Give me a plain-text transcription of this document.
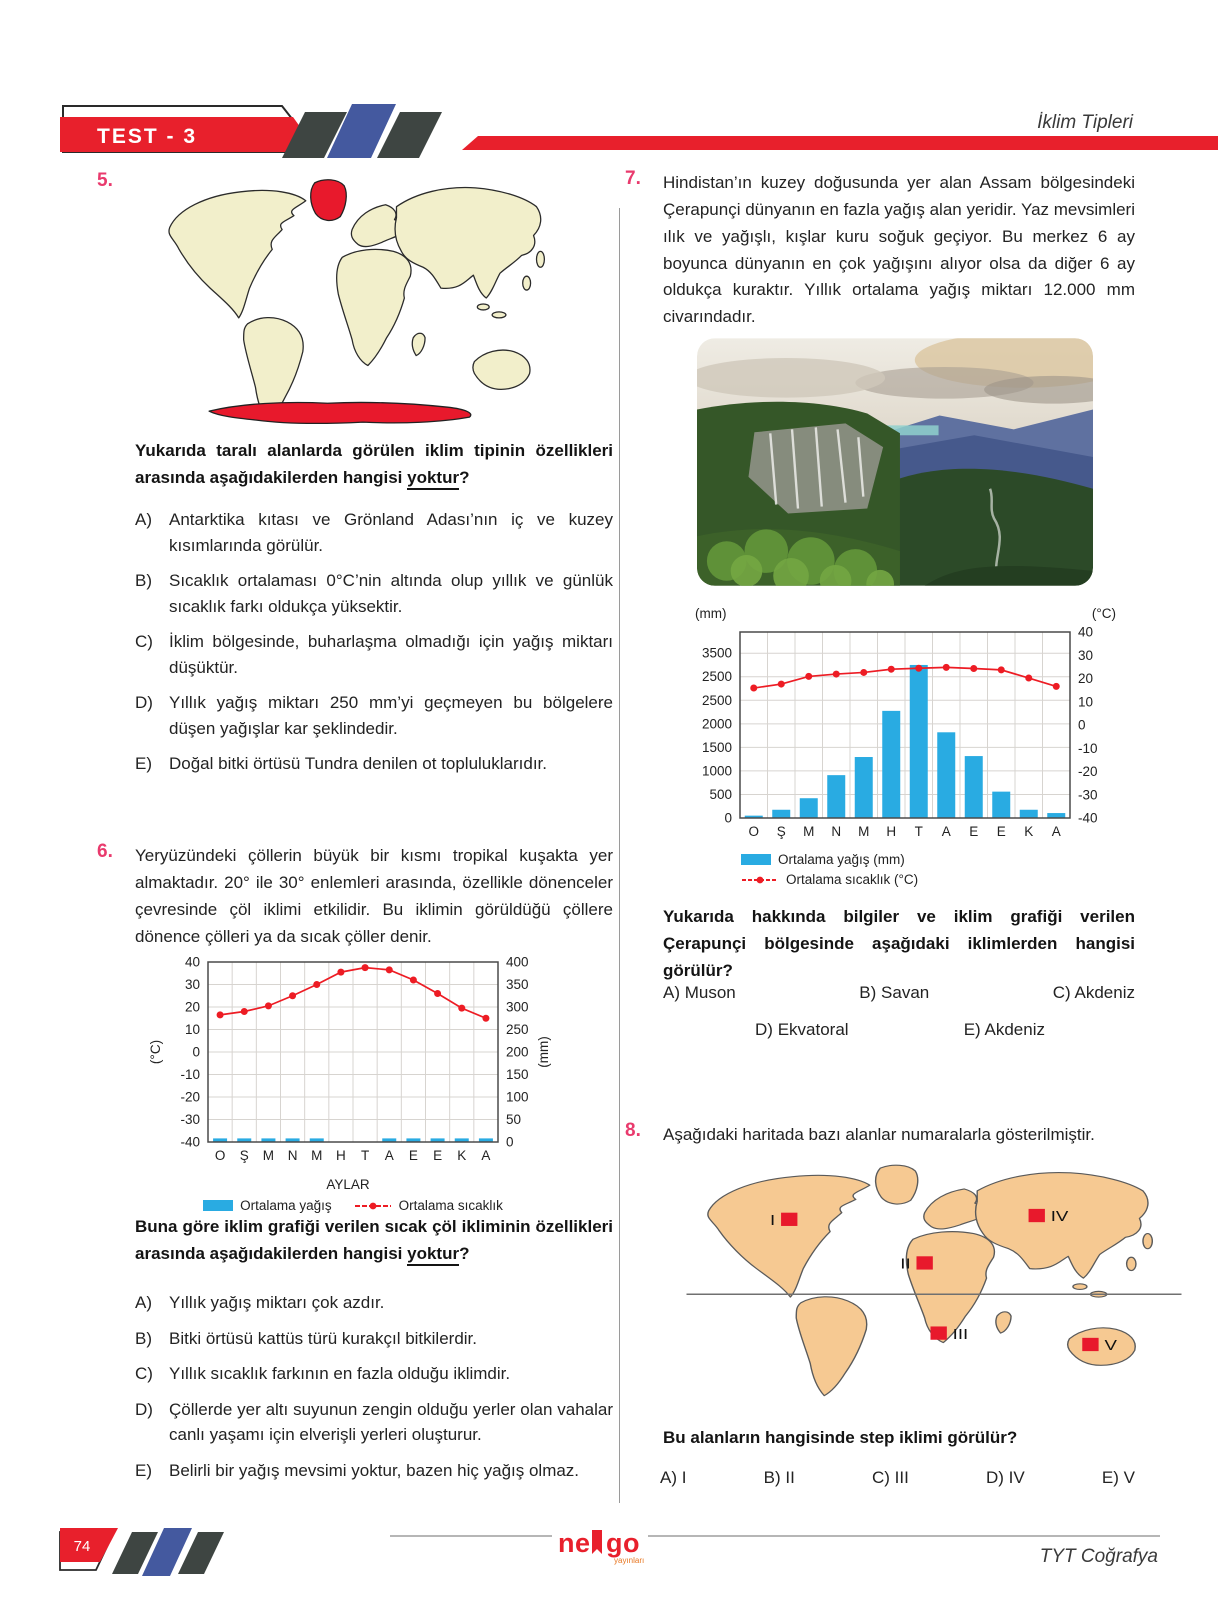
TEST - 3
İklim Tipleri
5.
Yukarıda taralı alanlarda görülen iklim tipinin özellikleri arasında aşağıdakilerden hangisi yoktur?
A)	Antarktika kıtası ve Grönland Adası’nın iç ve kuzey kısımlarında görülür.
B)	Sıcaklık ortalaması 0°C’nin altında olup yıllık ve günlük sıcaklık farkı oldukça yüksektir.
C) İklim bölgesinde, buharlaşma olmadığı için yağış miktarı düşüktür.
D) Yıllık yağış miktarı 250 mm’yi geçmeyen bu bölgelere düşen yağışlar kar şeklindedir.
E)	Doğal bitki örtüsü Tundra denilen ot topluluklarıdır.
6. Yeryüzündeki çöllerin büyük bir kısmı tropikal kuşakta yer almaktadır. 20° ile 30° enlemleri arasında, özellikle dönenceler çevresinde çöl iklimi etkilidir. Bu iklimin görüldüğü çöllere dönence çölleri ya da sıcak çöller denir.
40
30
20
10
0
-10
-20
-30
-40
400
350
300
250
200
150
100
50
0
O Ş M N M H T A E E K A
(°C)	(mm)
AYLAR
Ortalama yağış	Ortalama sıcaklık
Buna göre iklim grafiği verilen sıcak çöl ikliminin özellikleri arasında aşağıdakilerden hangisi yoktur?
A)	Yıllık yağış miktarı çok azdır.
B)	Bitki örtüsü kattüs türü kurakçıl bitkilerdir.
C) Yıllık sıcaklık farkının en fazla olduğu iklimdir.
D) Çöllerde yer altı suyunun zengin olduğu yerler olan vahalar canlı yaşamı için elverişli yerleri oluşturur.
E)	Belirli bir yağış mevsimi yoktur, bazen hiç yağış olmaz.
7. Hindistan’ın kuzey doğusunda yer alan Assam bölgesindeki Çerapunçi dünyanın en fazla yağış alan yeridir. Yaz mevsimleri ılık ve yağışlı, kışlar kuru soğuk geçiyor. Bu merkez 6 ay boyunca dünyanın en çok yağışını alıyor olsa da diğer 6 ay oldukça kuraktır. Yıllık ortalama yağış miktarı 12.000 mm civarındadır.
3500
2500
2500
2000
1500
1000
500
0
40
30
20
10
0
-10
-20
-30
-40
O Ş M N M H T A E E K A
(mm)	(°C)
Ortalama yağış (mm)
Ortalama sıcaklık (°C)
Yukarıda hakkında bilgiler ve iklim grafiği verilen Çerapunçi bölgesinde aşağıdaki iklimlerden hangisi görülür?
A) Muson	B) Savan	C) Akdeniz
D) Ekvatoral	E) Akdeniz
8. Aşağıdaki haritada bazı alanlar numaralarla gösterilmiştir.
I
II
III
IV
V
Bu alanların hangisinde step iklimi görülür?
A) I	B) II	C) III	D) IV	E) V
74	ne go
yayınları	TYT Coğrafya
